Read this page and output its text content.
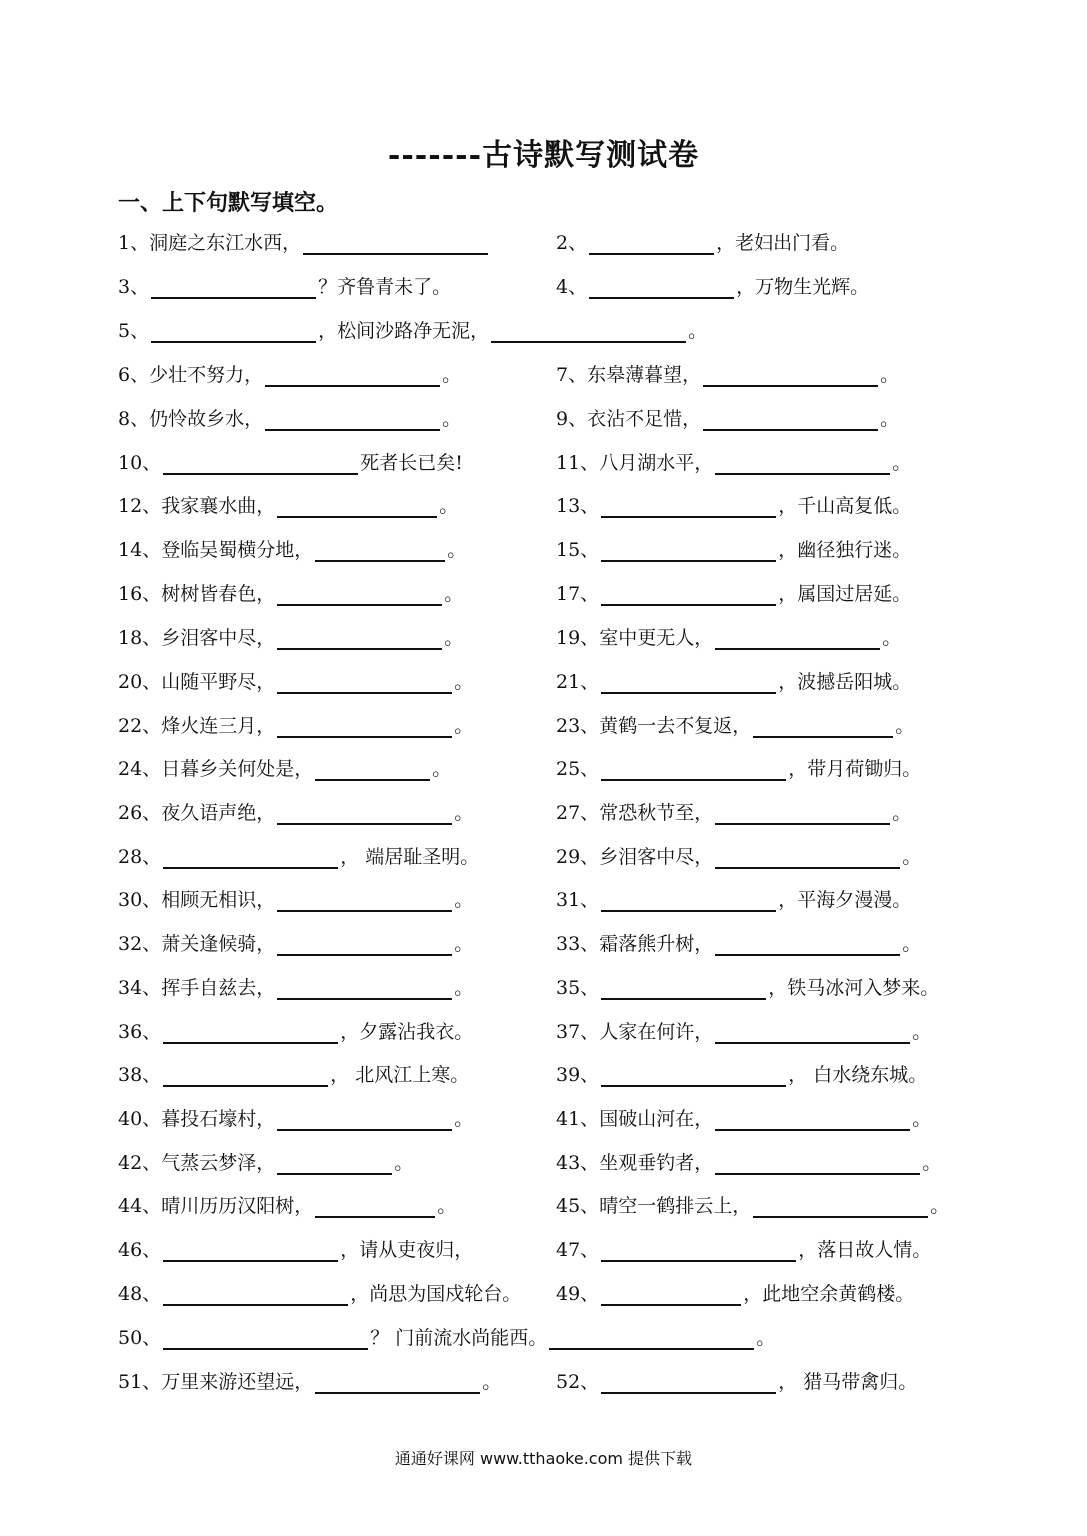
-------古诗默写测试卷
一、上下句默写填空。
1、洞庭之东江水西，	2、	，老妇出门看。
3、	？齐鲁青未了。	4、	，万物生光辉。
5、	，松间沙路净无泥，	。
6、少壮不努力，	。	7、东皋薄暮望，	。
8、仍怜故乡水，	。	9、衣沾不足惜，	。
10、	死者长已矣!	11、八月湖水平，	。
12、我家襄水曲，	。	13、	，千山高复低。
14、登临吴蜀横分地，	。	15、	，幽径独行迷。
16、树树皆春色，	。	17、	，属国过居延。
18、乡泪客中尽，	。	19、室中更无人，	。
20、山随平野尽，	。	21、	，波撼岳阳城。
22、烽火连三月，	。	23、黄鹤一去不复返，	。
24、日暮乡关何处是，	。	25、	，带月荷锄归。
26、夜久语声绝，	。	27、常恐秋节至，	。
28、	， 端居耻圣明。	29、乡泪客中尽，	。
30、相顾无相识，	。	31、	，平海夕漫漫。
32、萧关逢候骑，	。	33、霜落熊升树，	。
34、挥手自兹去，	。	35、	，铁马冰河入梦来。
36、	，夕露沾我衣。	37、人家在何许，	。
38、	， 北风江上寒。	39、	， 白水绕东城。
40、暮投石壕村，	。	41、国破山河在，	。
42、气蒸云梦泽，	。	43、坐观垂钓者，	。
44、晴川历历汉阳树，	。	45、晴空一鹤排云上，	。
46、	，请从吏夜归，	47、	，落日故人情。
48、	，尚思为国戍轮台。 49、	，此地空余黄鹤楼。
50、	？ 门前流水尚能西。	。
51、万里来游还望远，	。	52、	， 猎马带禽归。
通通好课网 www.tthaoke.com 提供下载
